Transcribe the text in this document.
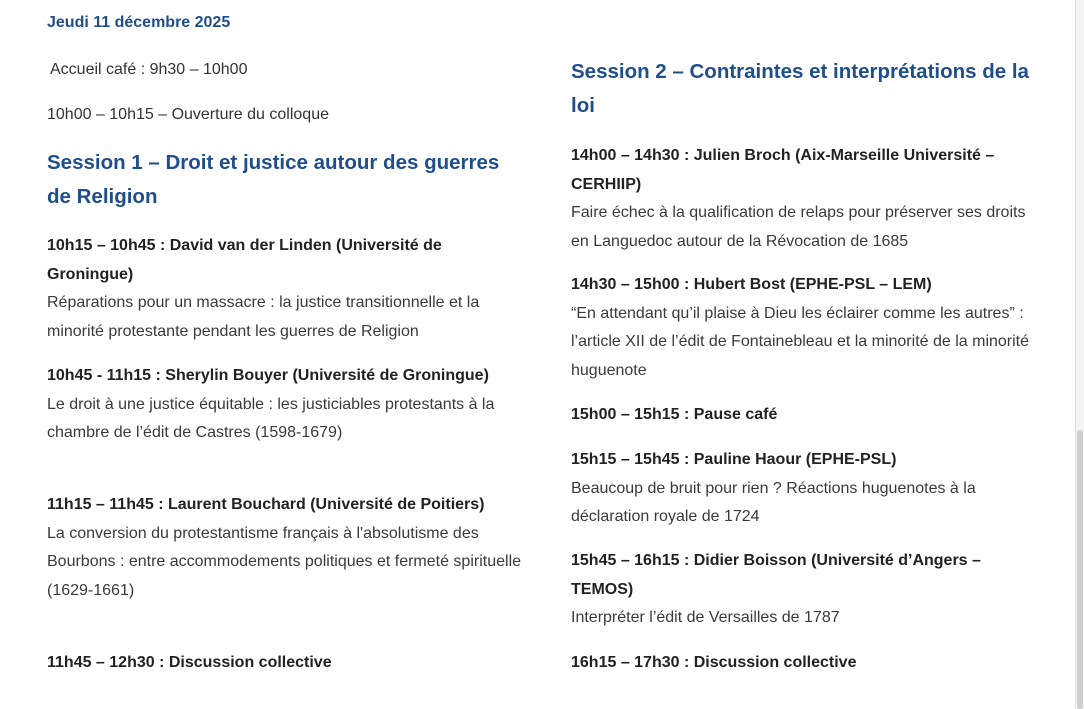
Jeudi 11 décembre 2025
Accueil café : 9h30 – 10h00
10h00 – 10h15 – Ouverture du colloque
Session 1 – Droit et justice autour des guerres de Religion
10h15 – 10h45 : David van der Linden (Université de Groningue)
Réparations pour un massacre : la justice transitionnelle et la minorité protestante pendant les guerres de Religion
10h45 - 11h15 : Sherylin Bouyer (Université de Groningue)
Le droit à une justice équitable : les justiciables protestants à la chambre de l’édit de Castres (1598-1679)
11h15 – 11h45 : Laurent Bouchard (Université de Poitiers)
La conversion du protestantisme français à l'absolutisme des Bourbons : entre accommodements politiques et fermeté spirituelle (1629-1661)
11h45 – 12h30 : Discussion collective
Session 2 – Contraintes et interprétations de la loi
14h00 – 14h30 : Julien Broch (Aix-Marseille Université – CERHIIP)
Faire échec à la qualification de relaps pour préserver ses droits en Languedoc autour de la Révocation de 1685
14h30 – 15h00 : Hubert Bost (EPHE-PSL – LEM)
“En attendant qu’il plaise à Dieu les éclairer comme les autres” : l’article XII de l’édit de Fontainebleau et la minorité de la minorité huguenote
15h00 – 15h15 : Pause café
15h15 – 15h45 : Pauline Haour (EPHE-PSL)
Beaucoup de bruit pour rien ? Réactions huguenotes à la déclaration royale de 1724
15h45 – 16h15 : Didier Boisson (Université d’Angers – TEMOS)
Interpréter l’édit de Versailles de 1787
16h15 – 17h30 : Discussion collective
